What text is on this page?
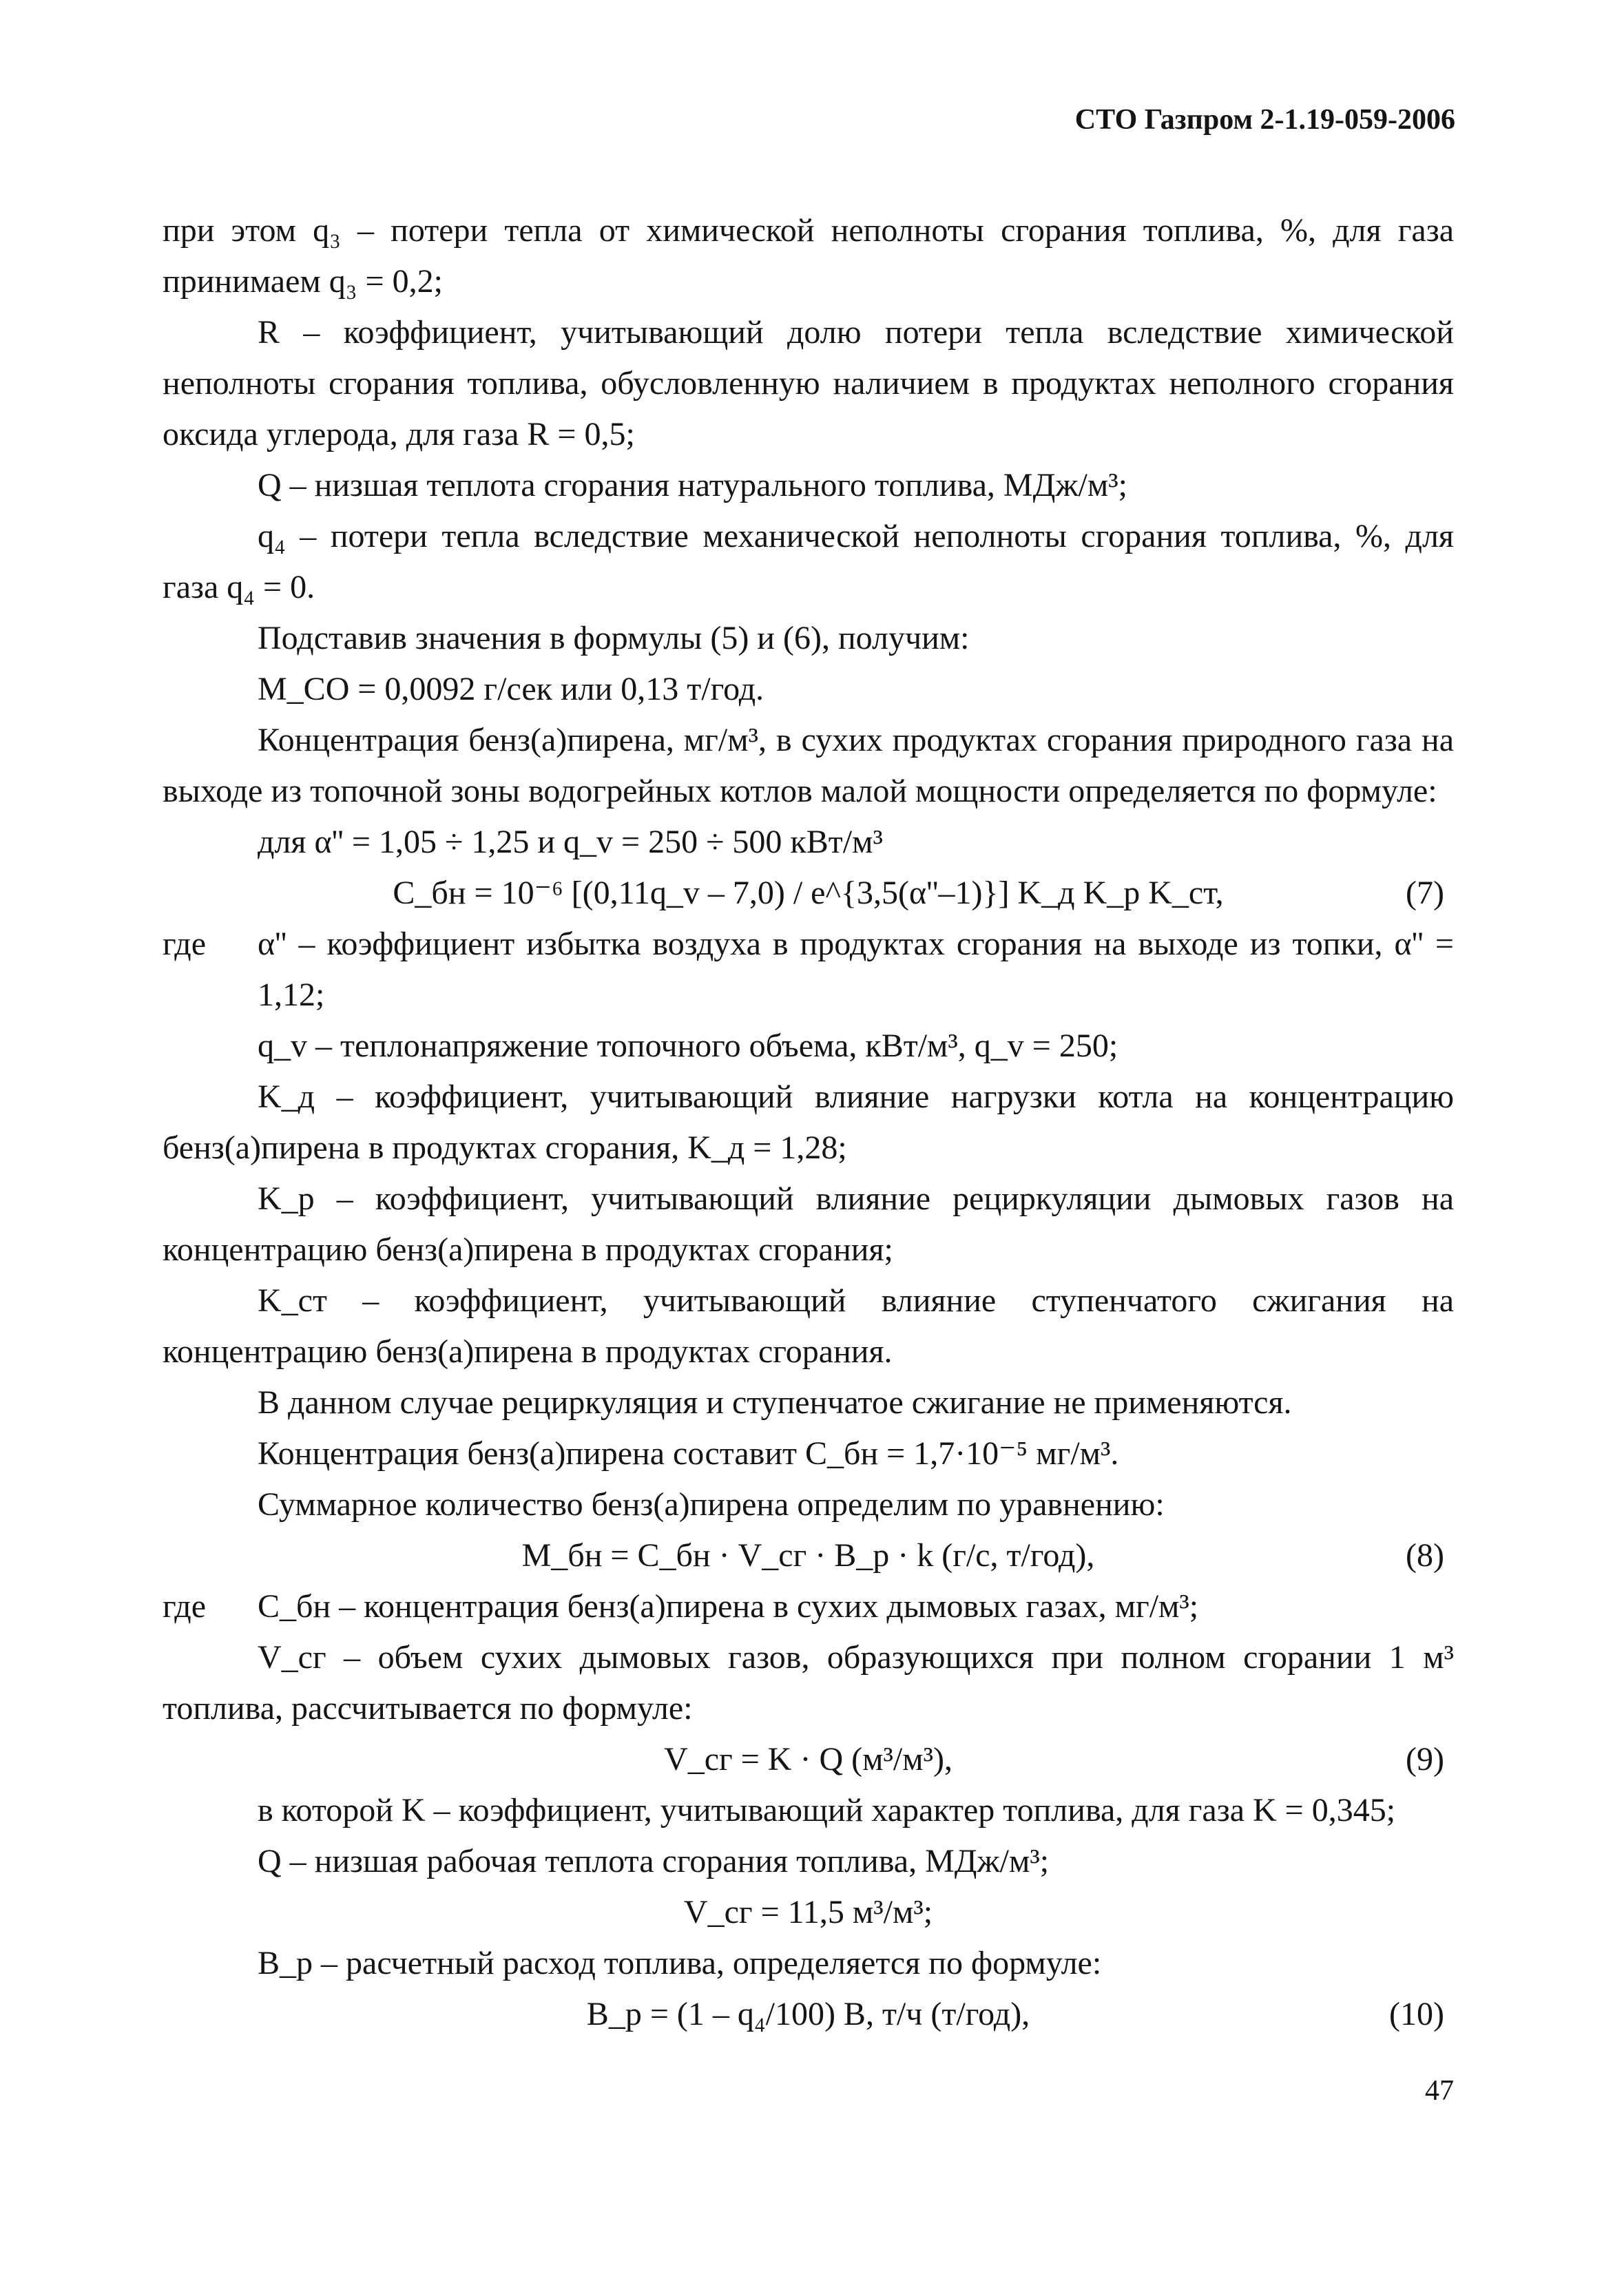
СТО Газпром 2-1.19-059-2006

при этом q₃ – потери тепла от химической неполноты сгорания топлива, %, для газа принимаем q₃ = 0,2;

R – коэффициент, учитывающий долю потери тепла вследствие химической неполноты сгорания топлива, обусловленную наличием в продуктах неполного сгорания оксида углерода, для газа R = 0,5;

Q – низшая теплота сгорания натурального топлива, МДж/м³;

q₄ – потери тепла вследствие механической неполноты сгорания топлива, %, для газа q₄ = 0.

Подставив значения в формулы (5) и (6), получим:

M_CO = 0,0092 г/сек или 0,13 т/год.

Концентрация бенз(а)пирена, мг/м³, в сухих продуктах сгорания природного газа на выходе из топочной зоны водогрейных котлов малой мощности определяется по формуле:

для α'' = 1,05 ÷ 1,25 и q_v = 250 ÷ 500 кВт/м³

C_бн = 10⁻⁶ [(0,11q_v – 7,0) / e^{3,5(α''–1)}] K_д K_р K_ст,	(7)

где α'' – коэффициент избытка воздуха в продуктах сгорания на выходе из топки, α'' = 1,12;

q_v – теплонапряжение топочного объема, кВт/м³, q_v = 250;

K_д – коэффициент, учитывающий влияние нагрузки котла на концентрацию бенз(а)пирена в продуктах сгорания, K_д = 1,28;

K_р – коэффициент, учитывающий влияние рециркуляции дымовых газов на концентрацию бенз(а)пирена в продуктах сгорания;

K_ст – коэффициент, учитывающий влияние ступенчатого сжигания на концентрацию бенз(а)пирена в продуктах сгорания.

В данном случае рециркуляция и ступенчатое сжигание не применяются.

Концентрация бенз(а)пирена составит C_бн = 1,7·10⁻⁵ мг/м³.

Суммарное количество бенз(а)пирена определим по уравнению:

M_бн = C_бн · V_сг · B_р · k (г/с, т/год),	(8)

где C_бн – концентрация бенз(а)пирена в сухих дымовых газах, мг/м³;

V_сг – объем сухих дымовых газов, образующихся при полном сгорании 1 м³ топлива, рассчитывается по формуле:

V_сг = K · Q (м³/м³),	(9)

в которой K – коэффициент, учитывающий характер топлива, для газа K = 0,345;

Q – низшая рабочая теплота сгорания топлива, МДж/м³;

V_сг = 11,5 м³/м³;

B_р – расчетный расход топлива, определяется по формуле:

B_р = (1 – q₄/100) B, т/ч (т/год),	(10)
47
